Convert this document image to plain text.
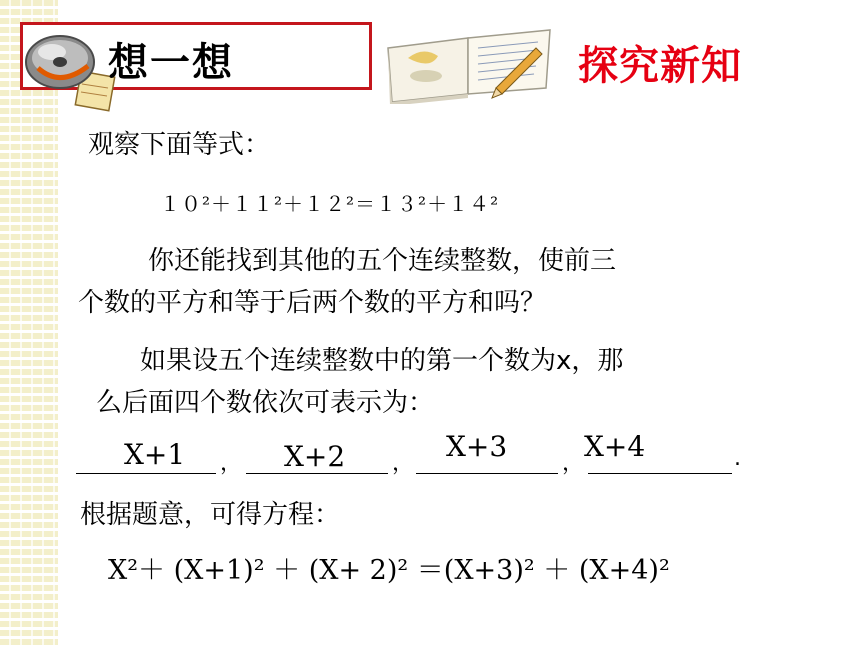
想一想	探究新知
观察下面等式：
１０²＋１１²＋１２²＝１３²＋１４²
你还能找到其他的五个连续整数，使前三
个数的平方和等于后两个数的平方和吗？
如果设五个连续整数中的第一个数为x，那
么后面四个数依次可表示为：
X+1 ， X+2 ，
X+3
，
X+4	.
根据题意，可得方程：
X²＋ (X+1)² ＋ (X+ 2)² ＝(X+3)² ＋ (X+4)²
